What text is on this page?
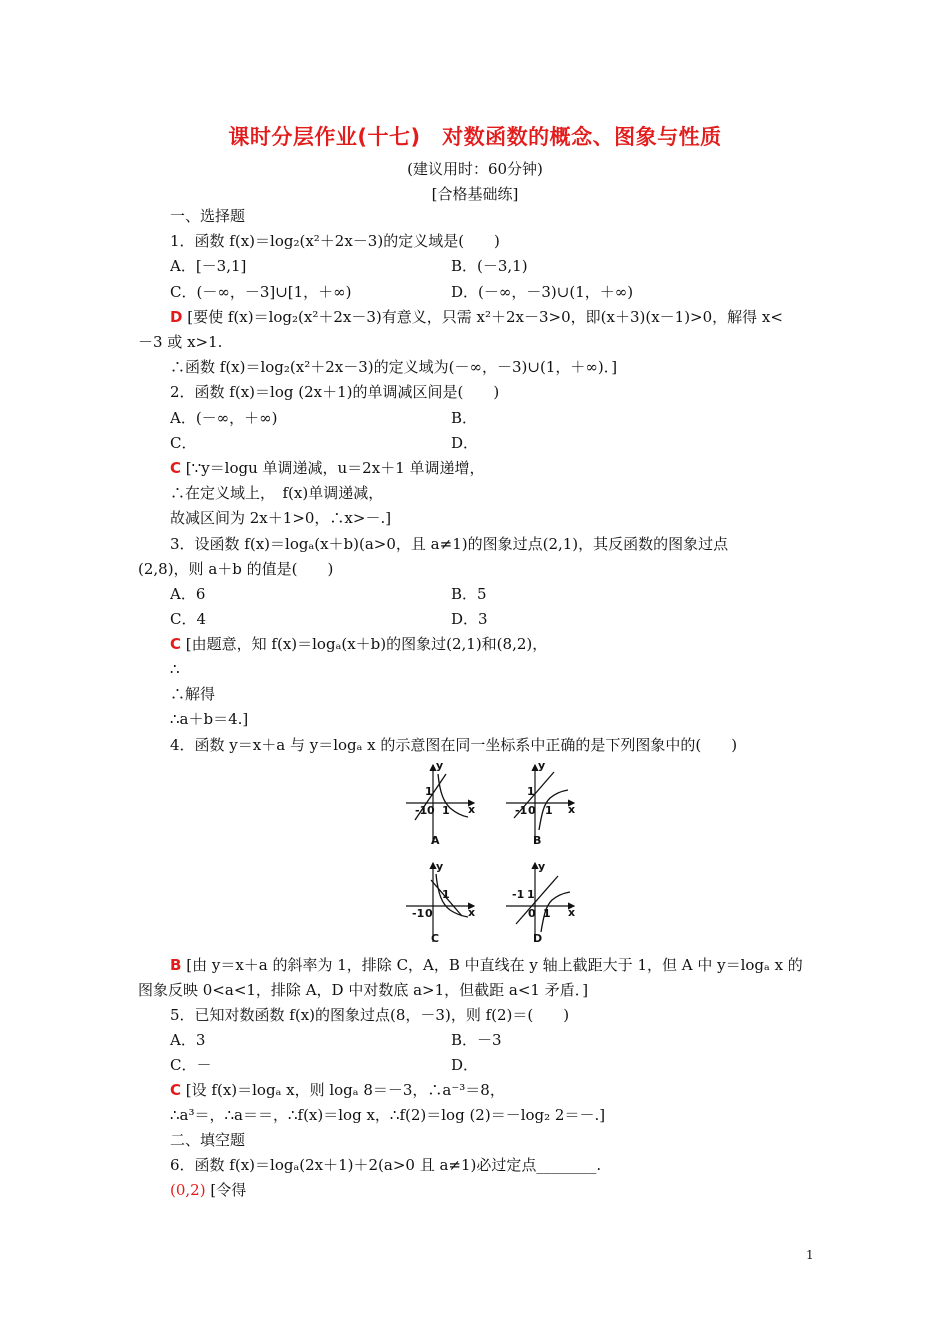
课时分层作业(十七)　对数函数的概念、图象与性质
(建议用时：60分钟)
[合格基础练]
一、选择题
1．函数 f(x)＝log₂(x²＋2x－3)的定义域是(　　)
A．[－3,1]	B．(－3,1)
C．(－∞，－3]∪[1，＋∞)	D．(－∞，－3)∪(1，＋∞)
D [要使 f(x)＝log₂(x²＋2x－3)有意义，只需 x²＋2x－3>0，即(x＋3)(x－1)>0，解得 x<
－3 或 x>1.
∴函数 f(x)＝log₂(x²＋2x－3)的定义域为(－∞，－3)∪(1，＋∞)．]
2．函数 f(x)＝log (2x＋1)的单调减区间是(　　)
A．(－∞，＋∞)	B．
C．	D．
C [∵y＝logu 单调递减，u＝2x＋1 单调递增，
∴在定义域上，　f(x)单调递减，
故减区间为 2x＋1>0，∴x>－.]
3．设函数 f(x)＝logₐ(x＋b)(a>0，且 a≠1)的图象过点(2,1)，其反函数的图象过点
(2,8)，则 a＋b 的值是(　　)
A．6	B．5
C．4	D．3
C [由题意，知 f(x)＝logₐ(x＋b)的图象过(2,1)和(8,2)，
∴
∴解得
∴a＋b＝4.]
4．函数 y＝x＋a 与 y＝logₐ x 的示意图在同一坐标系中正确的是下列图象中的(　　)
y
x
1
-1 0 1
A
y
x
1
-1 0 1
B
y
x
1
-1 0
C
y
x
-1 1
0 1
D
B [由 y＝x＋a 的斜率为 1，排除 C，A，B 中直线在 y 轴上截距大于 1，但 A 中 y＝logₐ x 的
图象反映 0<a<1，排除 A，D 中对数底 a>1，但截距 a<1 矛盾．]
5．已知对数函数 f(x)的图象过点(8，－3)，则 f(2)＝(　　)
A．3	B．－3
C．－	D．
C [设 f(x)＝logₐ x，则 logₐ 8＝－3，∴a⁻³＝8，
∴a³＝，∴a＝＝，∴f(x)＝log x，∴f(2)＝log (2)＝－log₂ 2＝－.]
二、填空题
6．函数 f(x)＝logₐ(2x＋1)＋2(a>0 且 a≠1)必过定点________.
(0,2) [令得
1
